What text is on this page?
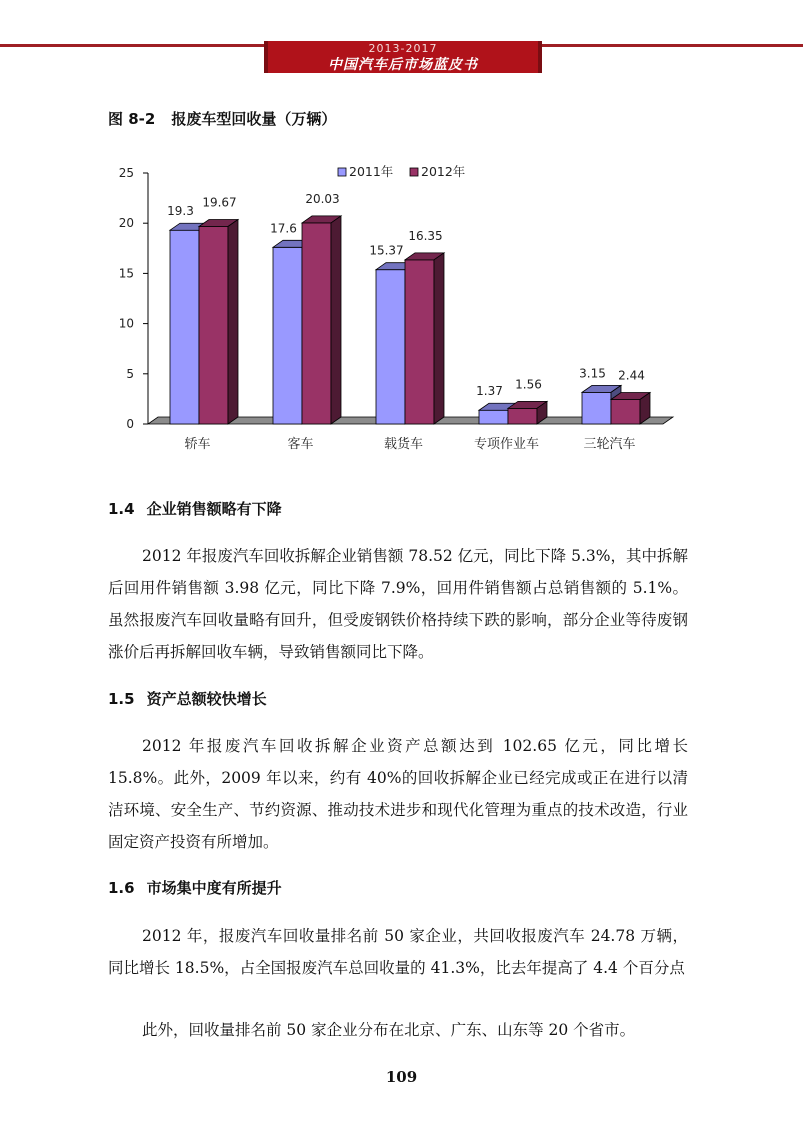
2013-2017
中国汽车后市场蓝皮书
图 8-2 报废车型回收量（万辆）
0
5
10
15
20
25
19.3
19.67
轿车
17.6
20.03
客车
15.37
16.35
载货车
1.37 1.56
专项作业车
3.15 2.44
三轮汽车
2011年 2012年
1.4 企业销售额略有下降
2012 年报废汽车回收拆解企业销售额 78.52 亿元，同比下降 5.3%，其中拆解后回用件销售额 3.98 亿元，同比下降 7.9%，回用件销售额占总销售额的 5.1%。虽然报废汽车回收量略有回升，但受废钢铁价格持续下跌的影响，部分企业等待废钢涨价后再拆解回收车辆，导致销售额同比下降。
1.5 资产总额较快增长
2012 年报废汽车回收拆解企业资产总额达到 102.65 亿元，同比增长 15.8%。此外，2009 年以来，约有 40%的回收拆解企业已经完成或正在进行以清洁环境、安全生产、节约资源、推动技术进步和现代化管理为重点的技术改造，行业固定资产投资有所增加。
1.6 市场集中度有所提升
2012 年，报废汽车回收量排名前 50 家企业，共回收报废汽车 24.78 万辆，同比增长 18.5%，占全国报废汽车总回收量的 41.3%，比去年提高了 4.4 个百分点
此外，回收量排名前 50 家企业分布在北京、广东、山东等 20 个省市。
109
